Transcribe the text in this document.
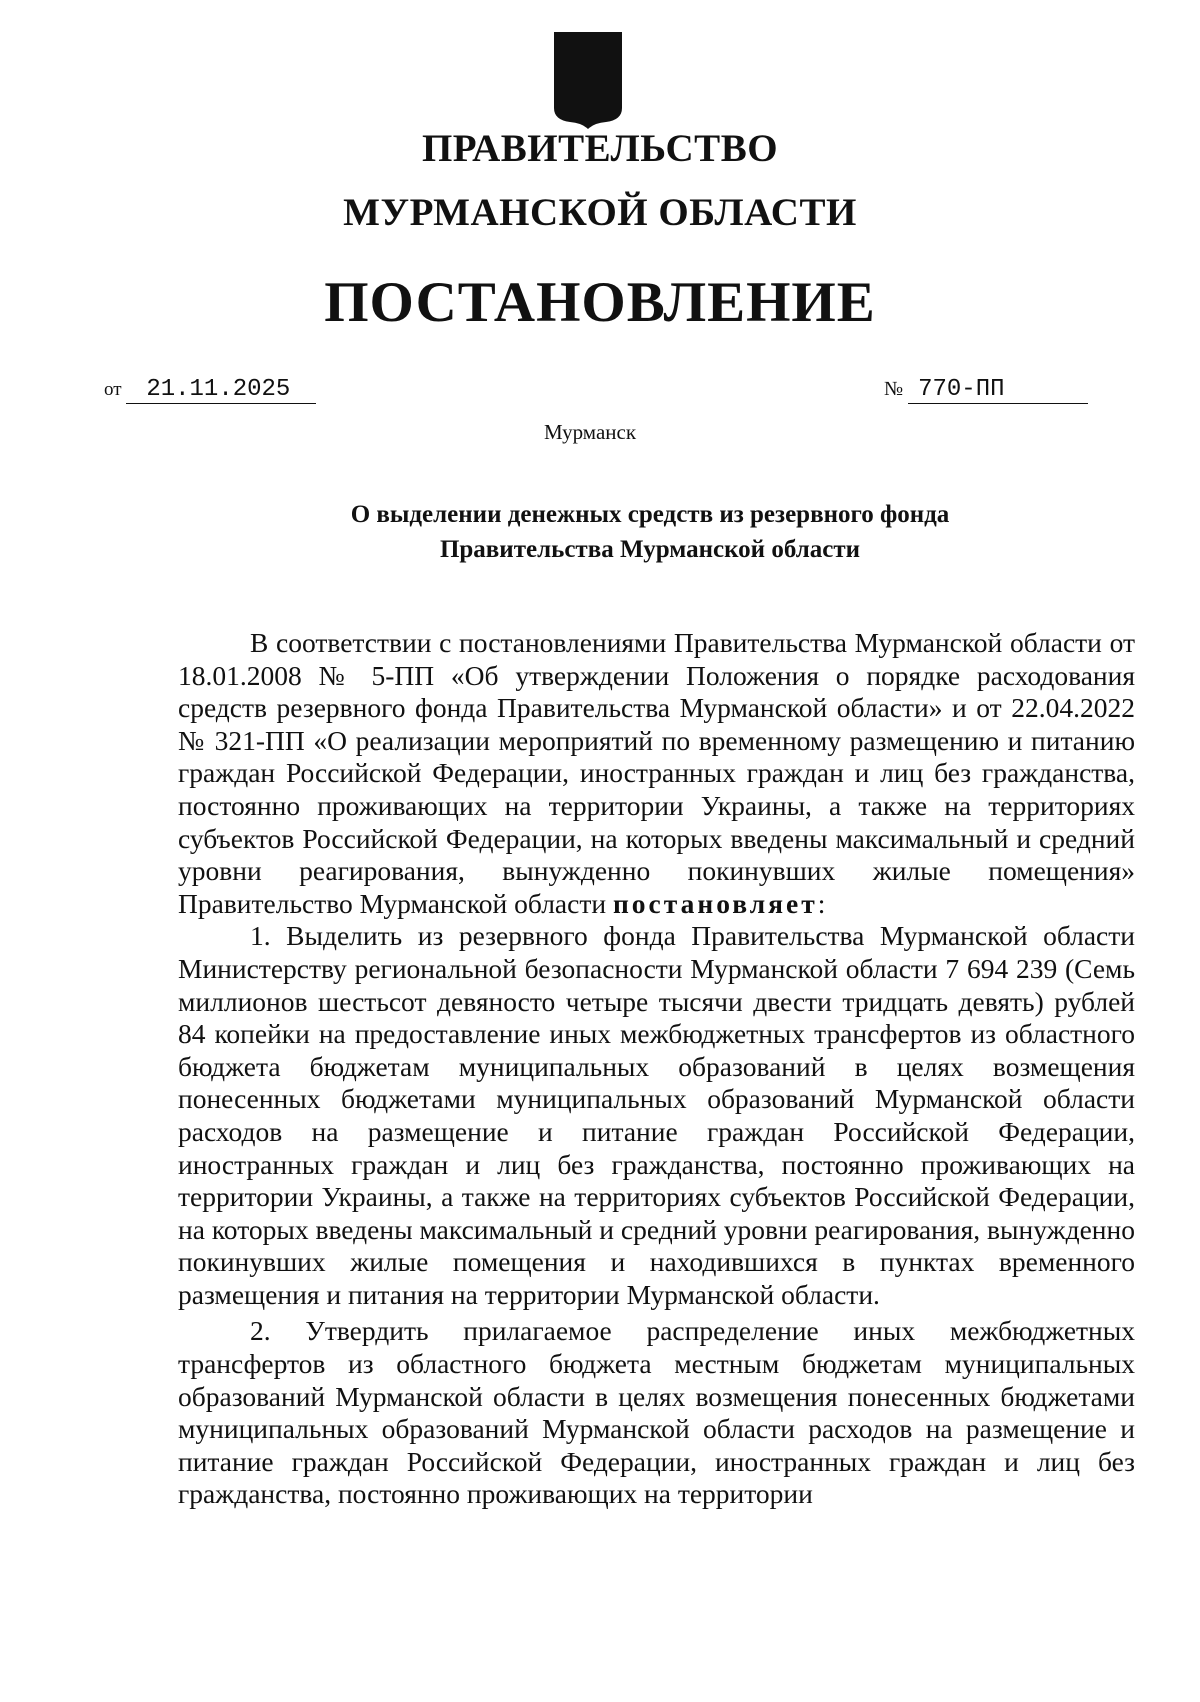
ПРАВИТЕЛЬСТВО
МУРМАНСКОЙ ОБЛАСТИ
ПОСТАНОВЛЕНИЕ
от 21.11.2025	№ 770-ПП
Мурманск
О выделении денежных средств из резервного фонда
Правительства Мурманской области

В соответствии с постановлениями Правительства Мурманской области от 18.01.2008 № 5-ПП «Об утверждении Положения о порядке расходования средств резервного фонда Правительства Мурманской области» и от 22.04.2022 № 321-ПП «О реализации мероприятий по временному размещению и питанию граждан Российской Федерации, иностранных граждан и лиц без гражданства, постоянно проживающих на территории Украины, а также на территориях субъектов Российской Федерации, на которых введены максимальный и средний уровни реагирования, вынужденно покинувших жилые помещения» Правительство Мурманской области постановляет:

1. Выделить из резервного фонда Правительства Мурманской области Министерству региональной безопасности Мурманской области 7 694 239 (Семь миллионов шестьсот девяносто четыре тысячи двести тридцать девять) рублей 84 копейки на предоставление иных межбюджетных трансфертов из областного бюджета бюджетам муниципальных образований в целях возмещения понесенных бюджетами муниципальных образований Мурманской области расходов на размещение и питание граждан Российской Федерации, иностранных граждан и лиц без гражданства, постоянно проживающих на территории Украины, а также на территориях субъектов Российской Федерации, на которых введены максимальный и средний уровни реагирования, вынужденно покинувших жилые помещения и находившихся в пунктах временного размещения и питания на территории Мурманской области.

2. Утвердить прилагаемое распределение иных межбюджетных трансфертов из областного бюджета местным бюджетам муниципальных образований Мурманской области в целях возмещения понесенных бюджетами муниципальных образований Мурманской области расходов на размещение и питание граждан Российской Федерации, иностранных граждан и лиц без гражданства, постоянно проживающих на территории
